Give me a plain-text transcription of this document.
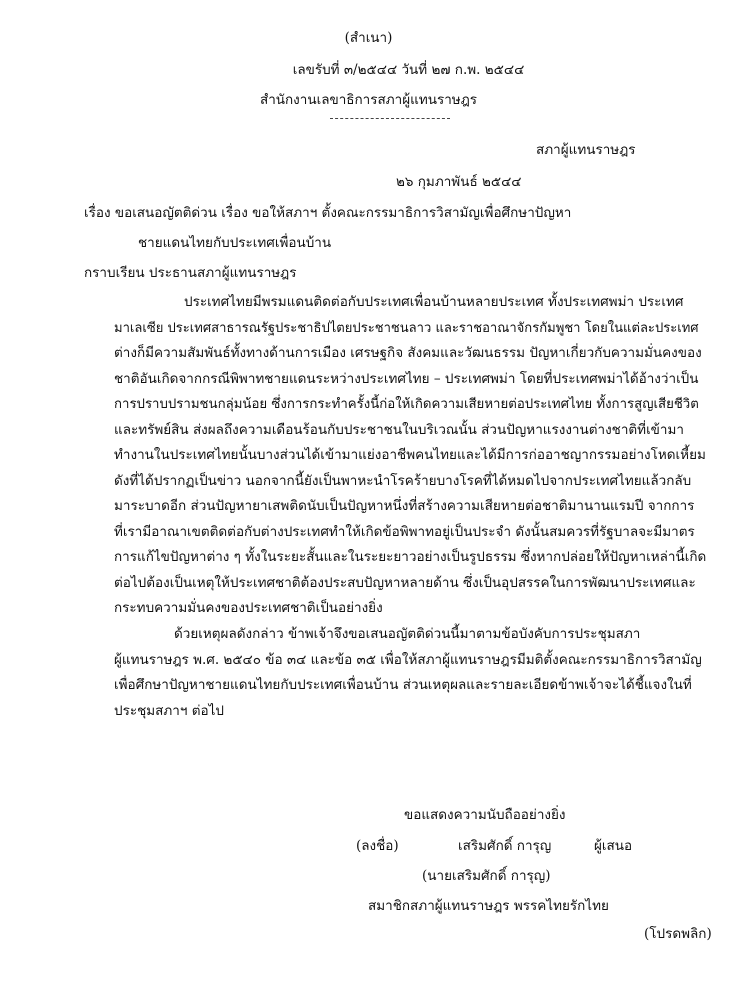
(สำเนา)
เลขรับที่ ๓/๒๕๔๔ วันที่ ๒๗ ก.พ. ๒๕๔๔
สำนักงานเลขาธิการสภาผู้แทนราษฎร
สภาผู้แทนราษฎร
๒๖ กุมภาพันธ์ ๒๕๔๔
เรื่อง ขอเสนอญัตติด่วน เรื่อง ขอให้สภาฯ ตั้งคณะกรรมาธิการวิสามัญเพื่อศึกษาปัญหา
ชายแดนไทยกับประเทศเพื่อนบ้าน
กราบเรียน ประธานสภาผู้แทนราษฎร
ประเทศไทยมีพรมแดนติดต่อกับประเทศเพื่อนบ้านหลายประเทศ ทั้งประเทศพม่า ประเทศ
มาเลเซีย ประเทศสาธารณรัฐประชาธิปไตยประชาชนลาว และราชอาณาจักรกัมพูชา โดยในแต่ละประเทศ
ต่างก็มีความสัมพันธ์ทั้งทางด้านการเมือง เศรษฐกิจ สังคมและวัฒนธรรม ปัญหาเกี่ยวกับความมั่นคงของ
ชาติอันเกิดจากกรณีพิพาทชายแดนระหว่างประเทศไทย – ประเทศพม่า โดยที่ประเทศพม่าได้อ้างว่าเป็น
การปราบปรามชนกลุ่มน้อย ซึ่งการกระทำครั้งนี้ก่อให้เกิดความเสียหายต่อประเทศไทย ทั้งการสูญเสียชีวิต
และทรัพย์สิน ส่งผลถึงความเดือนร้อนกับประชาชนในบริเวณนั้น ส่วนปัญหาแรงงานต่างชาติที่เข้ามา
ทำงานในประเทศไทยนั้นบางส่วนได้เข้ามาแย่งอาชีพคนไทยและได้มีการก่ออาชญากรรมอย่างโหดเหี้ยม
ดังที่ได้ปรากฏเป็นข่าว นอกจากนี้ยังเป็นพาหะนำโรคร้ายบางโรคที่ได้หมดไปจากประเทศไทยแล้วกลับ
มาระบาดอีก ส่วนปัญหายาเสพติดนับเป็นปัญหาหนึ่งที่สร้างความเสียหายต่อชาติมานานแรมปี จากการ
ที่เรามีอาณาเขตติดต่อกับต่างประเทศทำให้เกิดข้อพิพาทอยู่เป็นประจำ ดังนั้นสมควรที่รัฐบาลจะมีมาตร
การแก้ไขปัญหาต่าง ๆ ทั้งในระยะสั้นและในระยะยาวอย่างเป็นรูปธรรม ซึ่งหากปล่อยให้ปัญหาเหล่านี้เกิด
ต่อไปต้องเป็นเหตุให้ประเทศชาติต้องประสบปัญหาหลายด้าน ซึ่งเป็นอุปสรรคในการพัฒนาประเทศและ
กระทบความมั่นคงของประเทศชาติเป็นอย่างยิ่ง
ด้วยเหตุผลดังกล่าว ข้าพเจ้าจึงขอเสนอญัตติด่วนนี้มาตามข้อบังคับการประชุมสภา
ผู้แทนราษฎร พ.ศ. ๒๕๔๐ ข้อ ๓๔ และข้อ ๓๕ เพื่อให้สภาผู้แทนราษฎรมีมติตั้งคณะกรรมาธิการวิสามัญ
เพื่อศึกษาปัญหาชายแดนไทยกับประเทศเพื่อนบ้าน ส่วนเหตุผลและรายละเอียดข้าพเจ้าจะได้ชี้แจงในที่
ประชุมสภาฯ ต่อไป
ขอแสดงความนับถืออย่างยิ่ง
(ลงชื่อ)	เสริมศักดิ์ การุญ	ผู้เสนอ
(นายเสริมศักดิ์ การุญ)
สมาชิกสภาผู้แทนราษฎร พรรคไทยรักไทย
(โปรดพลิก)
